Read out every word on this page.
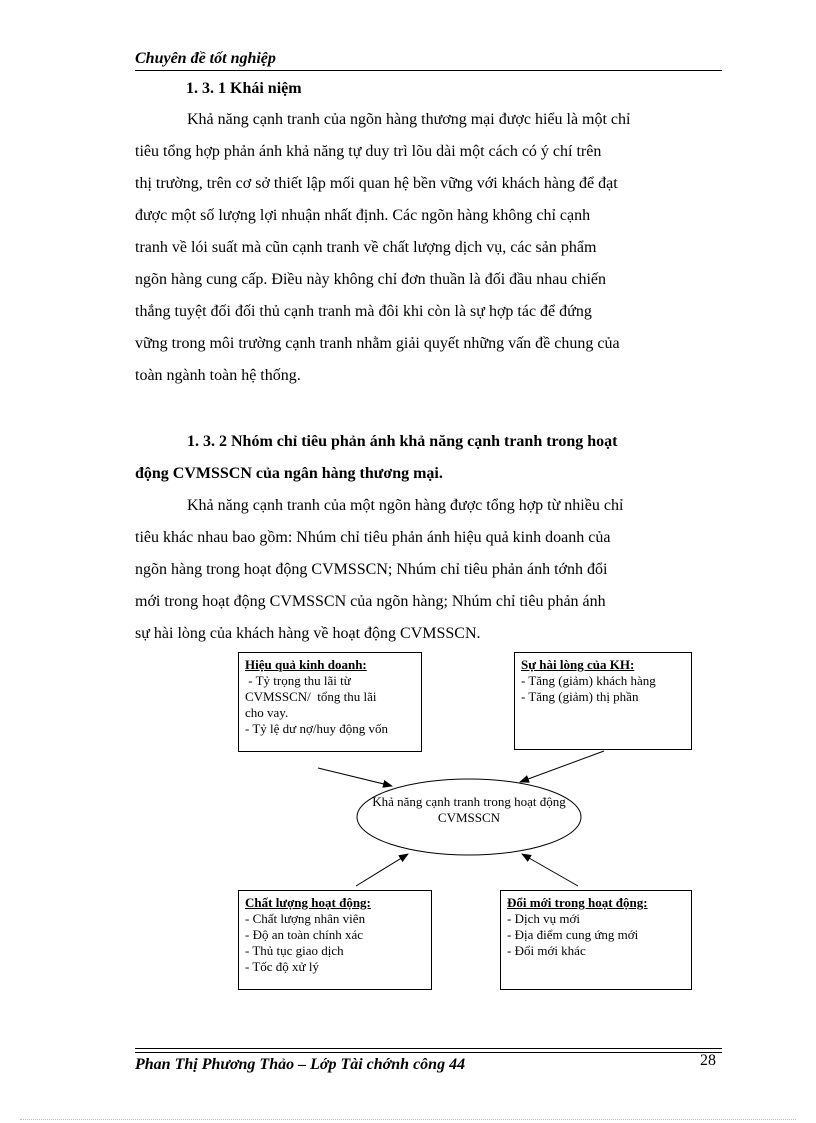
Chuyên đề tốt nghiệp
1. 3. 1 Khái niệm
Khả năng cạnh tranh của ngõn hàng thương mại được hiểu là một chỉ
tiêu tổng hợp phản ánh khả năng tự duy trì lõu dài một cách có ý chí trên
thị trường, trên cơ sở thiết lập mối quan hệ bền vững với khách hàng để đạt
được một số lượng lợi nhuận nhất định. Các ngõn hàng không chỉ cạnh
tranh về lói suất mà cũn cạnh tranh về chất lượng dịch vụ, các sản phẩm
ngõn hàng cung cấp. Điều này không chỉ đơn thuần là đối đầu nhau chiến
thắng tuyệt đối đối thủ cạnh tranh mà đôi khi còn là sự hợp tác để đứng
vững trong môi trường cạnh tranh nhằm giải quyết những vấn đề chung của
toàn ngành toàn hệ thống.
1. 3. 2 Nhóm chỉ tiêu phản ánh khả năng cạnh tranh trong hoạt
động CVMSSCN của ngân hàng thương mại.
Khả năng cạnh tranh của một ngõn hàng được tổng hợp từ nhiều chỉ
tiêu khác nhau bao gồm: Nhúm chỉ tiêu phản ánh hiệu quả kinh doanh của
ngõn hàng trong hoạt động CVMSSCN; Nhúm chỉ tiêu phản ánh tớnh đổi
mới trong hoạt động CVMSSCN của ngõn hàng; Nhúm chỉ tiêu phản ánh
sự hài lòng của khách hàng về hoạt động CVMSSCN.
Khả năng cạnh tranh trong hoạt động CVMSSCN
Hiệu quả kinh doanh:
- Tỷ trọng thu lãi từ
CVMSSCN/  tổng thu lãi
cho vay.
- Tỷ lệ dư nợ/huy động vốn
Sự hài lòng của KH:
- Tăng (giảm) khách hàng
- Tăng (giảm) thị phần
Chất lượng hoạt động:
- Chất lượng nhân viên
- Độ an toàn chính xác
- Thủ tục giao dịch
- Tốc độ xử lý
Đổi mới trong hoạt động:
- Dịch vụ mới
- Địa điểm cung ứng mới
- Đổi mới khác
Phan Thị Phương Thảo – Lớp Tài chớnh công 44	28
